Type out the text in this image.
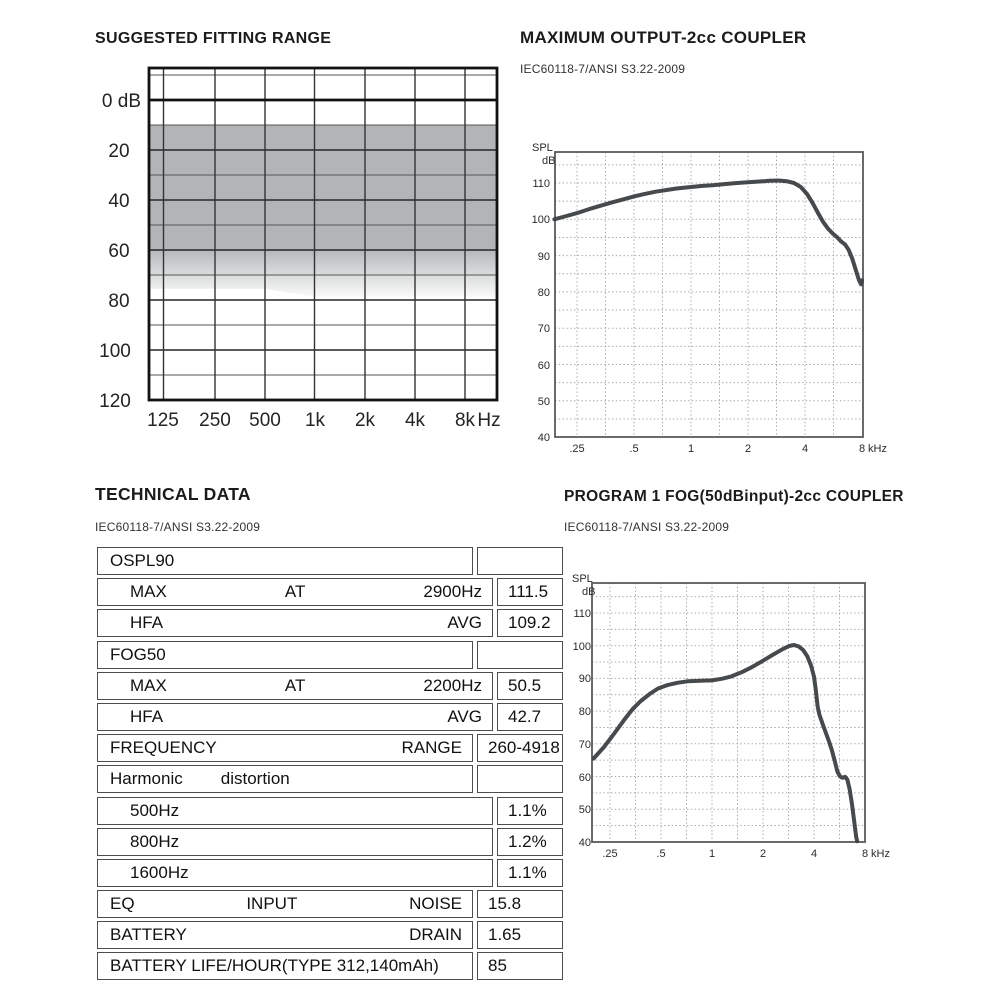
SUGGESTED FITTING RANGE	MAXIMUM OUTPUT-2cc COUPLER
IEC60118-7/ANSI S3.22-2009
TECHNICAL DATA
IEC60118-7/ANSI S3.22-2009
PROGRAM 1 FOG(50dBinput)-2cc COUPLER
IEC60118-7/ANSI S3.22-2009
0 dB
20
40
60
80
100
120
125 250 500 1k 2k 4k 8k Hz
SPL
dB
110
100
90
80
70
60
50
40
.25	.5	1	2	4	8 kHz
OSPL90
MAX	AT	2900Hz 111.5
HFA	AVG 109.2
FOG50
MAX	AT	2200Hz 50.5
HFA	AVG 42.7
FREQUENCY	RANGE 260-4918
Harmonic distortion
500Hz	1.1%
800Hz	1.2%
1600Hz	1.1%
EQ	INPUT	NOISE 15.8
BATTERY	DRAIN 1.65
BATTERY LIFE/HOUR(TYPE 312,140mAh)	85
SPL
dB
110
100
90
80
70
60
50
40
.25	.5	1	2	4	8 kHz
